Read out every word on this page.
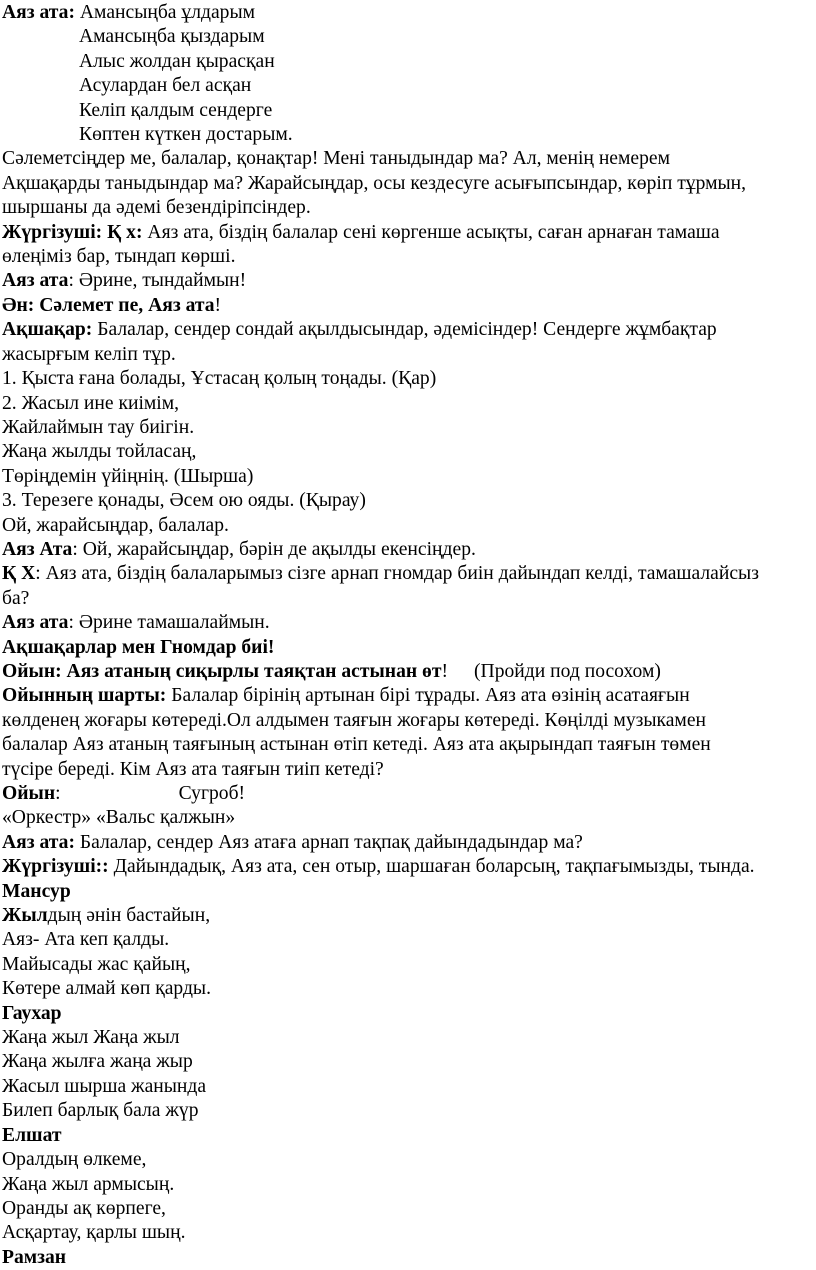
Аяз ата: Амансыңба ұлдарым
Амансыңба қыздарым
Алыс жолдан қырасқан
Асулардан бел асқан
Келіп қалдым сендерге
Көптен күткен достарым.
Сәлеметсіңдер ме, балалар, қонақтар! Мені таныдындар ма? Ал, менің немерем
Ақшақарды таныдындар ма? Жарайсыңдар, осы кездесуге асығыпсындар, көріп тұрмын,
шыршаны да әдемі безендіріпсіндер.
Жүргізуші: Қ х: Аяз ата, біздің балалар сені көргенше асықты, саған арнаған тамаша
өлеңіміз бар, тындап көрші.
Аяз ата: Әрине, тындаймын!
Ән: Сәлемет пе, Аяз ата!
Ақшақар: Балалар, сендер сондай ақылдысындар, әдемісіндер! Сендерге жұмбақтар
жасырғым келіп тұр.
1. Қыста ғана болады, Ұстасаң қолың тоңады. (Қар)
2. Жасыл ине киімім,
Жайлаймын тау биігін.
Жаңа жылды тойласаң,
Төріңдемін үйіңнің. (Шырша)
3. Терезеге қонады, Әсем ою ояды. (Қырау)
Ой, жарайсыңдар, балалар.
Аяз Ата: Ой, жарайсыңдар, бәрін де ақылды екенсіңдер.
Қ Х: Аяз ата, біздің балаларымыз сізге арнап гномдар биін дайындап келді, тамашалайсыз
ба?
Аяз ата: Әрине тамашалаймын.
Ақшақарлар мен Гномдар биі!
Ойын: Аяз атаның сиқырлы таяқтан астынан өт! (Пройди под посохом)
Ойынның шарты: Балалар бірінің артынан бірі тұрады. Аяз ата өзінің асатаяғын
көлденең жоғары көтереді.Ол алдымен таяғын жоғары көтереді. Көңілді музыкамен
балалар Аяз атаның таяғының астынан өтіп кетеді. Аяз ата ақырындап таяғын төмен
түсіре береді. Кім Аяз ата таяғын тиіп кетеді?
Ойын:	Сугроб!
«Оркестр» «Вальс қалжын»
Аяз ата: Балалар, сендер Аяз атаға арнап тақпақ дайындадындар ма?
Жүргізуші:: Дайындадық, Аяз ата, сен отыр, шаршаған боларсың, тақпағымызды, тында.
Мансур
Жылдың әнін бастайын,
Аяз- Ата кеп қалды.
Майысады жас қайың,
Көтере алмай көп қарды.
Гаухар
Жаңа жыл Жаңа жыл
Жаңа жылға жаңа жыр
Жасыл шырша жанында
Билеп барлық бала жүр
Елшат
Оралдың өлкеме,
Жаңа жыл армысың.
Оранды ақ көрпеге,
Асқартау, қарлы шың.
Рамзан
